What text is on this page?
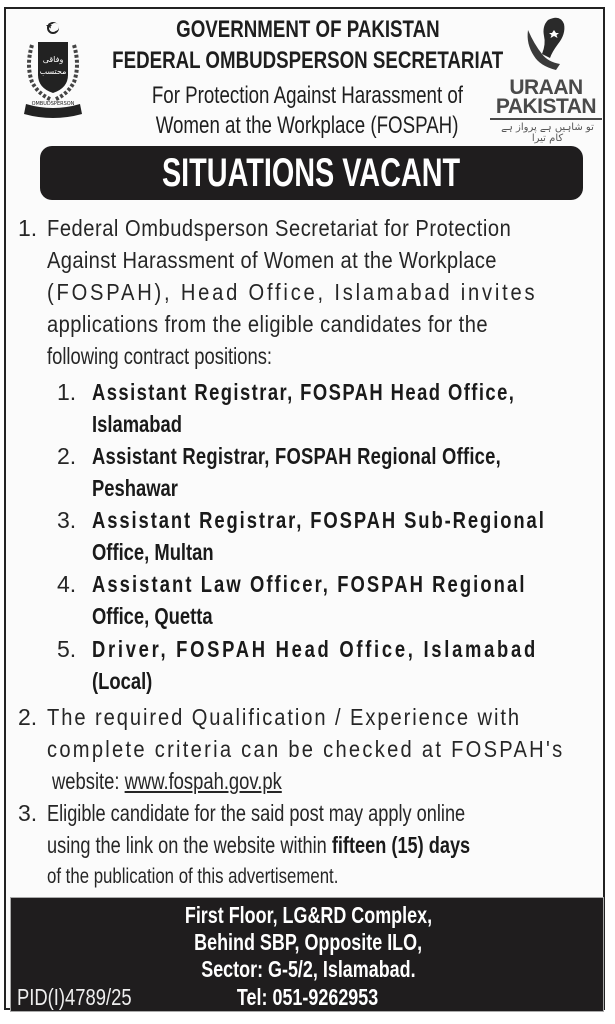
وفاقی
محتسب
OMBUDSPERSON
GOVERNMENT OF PAKISTAN
FEDERAL OMBUDSPERSON SECRETARIAT
For Protection Against Harassment of
Women at the Workplace (FOSPAH)
URAAN
PAKISTAN
تو شاہیں ہے پرواز ہے کام تیرا
SITUATIONS VACANT
1. Federal Ombudsperson Secretariat for Protection
Against Harassment of Women at the Workplace
(FOSPAH), Head Office, Islamabad invites
applications from the eligible candidates for the
following contract positions:
1. Assistant Registrar, FOSPAH Head Office,
Islamabad
2. Assistant Registrar, FOSPAH Regional Office,
Peshawar
3. Assistant Registrar, FOSPAH Sub-Regional
Office, Multan
4. Assistant Law Officer, FOSPAH Regional
Office, Quetta
5. Driver, FOSPAH Head Office, Islamabad
(Local)
2. The required Qualification / Experience with
complete criteria can be checked at FOSPAH's
website: www.fospah.gov.pk
3. Eligible candidate for the said post may apply online
using the link on the website within fifteen (15) days
of the publication of this advertisement.
First Floor, LG&RD Complex,
Behind SBP, Opposite ILO,
Sector: G-5/2, Islamabad.
Tel: 051-9262953
PID(I)4789/25
